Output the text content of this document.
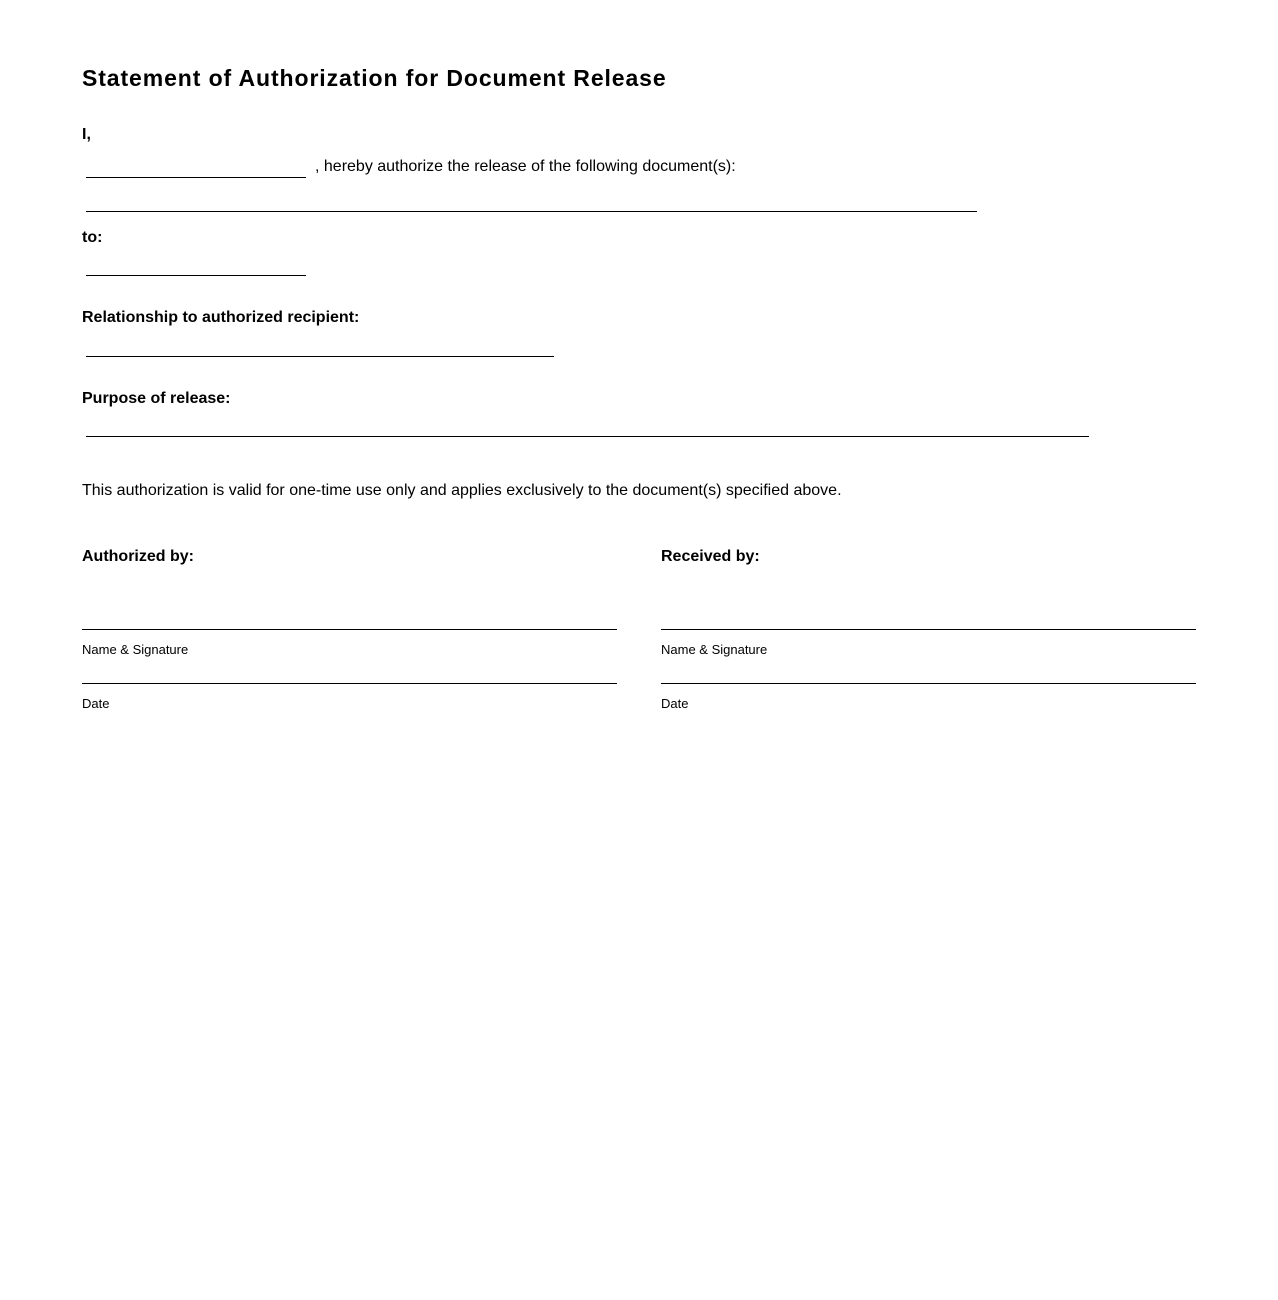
Statement of Authorization for Document Release
I,
, hereby authorize the release of the following document(s):
to:
Relationship to authorized recipient:
Purpose of release:
This authorization is valid for one-time use only and applies exclusively to the document(s) specified above.
Authorized by:
Name & Signature
Date
Received by:
Name & Signature
Date
